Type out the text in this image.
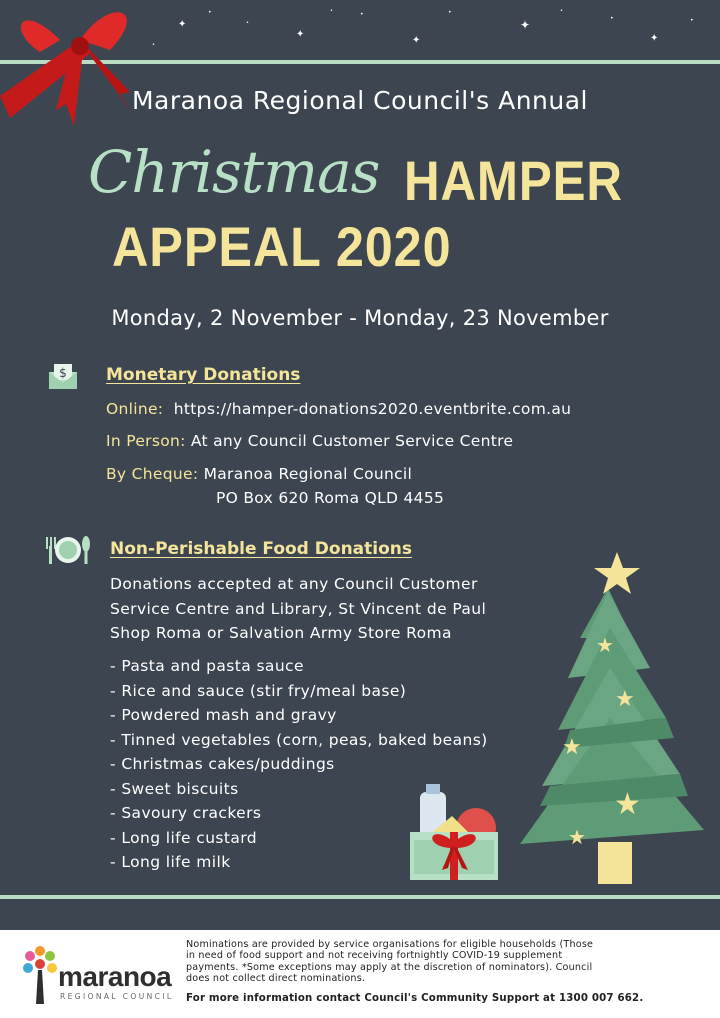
✦
•
•
✦
•	•
✦
•
✦
•
•
✦
•
•
Maranoa Regional Council's Annual
Christmas HAMPER
APPEAL 2020
Monday, 2 November - Monday, 23 November
$ Monetary Donations
Online: https://hamper-donations2020.eventbrite.com.au
In Person: At any Council Customer Service Centre
By Cheque: Maranoa Regional Council
PO Box 620 Roma QLD 4455
Non-Perishable Food Donations
Donations accepted at any Council Customer
Service Centre and Library, St Vincent de Paul
Shop Roma or Salvation Army Store Roma
- Pasta and pasta sauce
- Rice and sauce (stir fry/meal base)
- Powdered mash and gravy
- Tinned vegetables (corn, peas, baked beans)
- Christmas cakes/puddings
- Sweet biscuits
- Savoury crackers
- Long life custard
- Long life milk
★
★
★
★
★
maranoa
REGIONAL COUNCIL
Nominations are provided by service organisations for eligible households (Those
in need of food support and not receiving fortnightly COVID-19 supplement
payments. *Some exceptions may apply at the discretion of nominators). Council
does not collect direct nominations.
For more information contact Council's Community Support at 1300 007 662.
